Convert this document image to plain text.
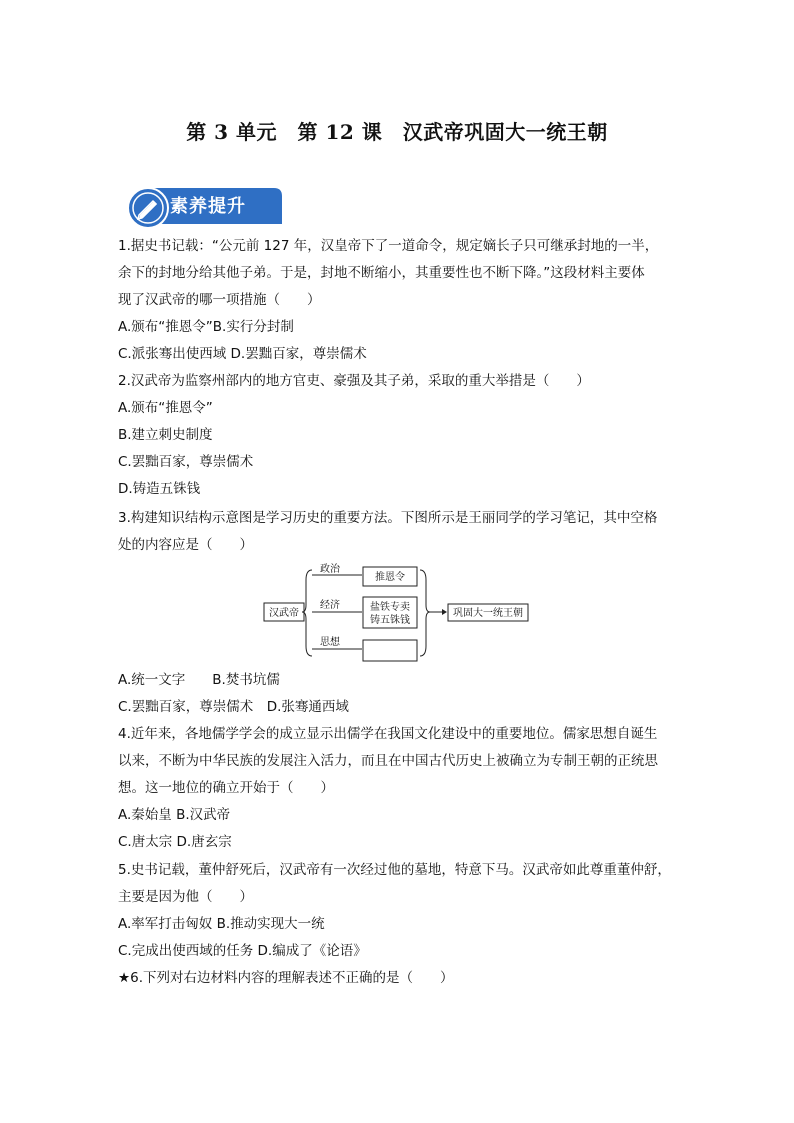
第 3 单元　第 12 课　汉武帝巩固大一统王朝
素养提升
1.据史书记载：“公元前 127 年，汉皇帝下了一道命令，规定嫡长子只可继承封地的一半，
余下的封地分给其他子弟。于是，封地不断缩小，其重要性也不断下降。”这段材料主要体
现了汉武帝的哪一项措施（　　）
A.颁布“推恩令”B.实行分封制
C.派张骞出使西域 D.罢黜百家，尊崇儒术
2.汉武帝为监察州部内的地方官吏、豪强及其子弟，采取的重大举措是（　　）
A.颁布“推恩令”
B.建立刺史制度
C.罢黜百家，尊崇儒术
D.铸造五铢钱
3.构建知识结构示意图是学习历史的重要方法。下图所示是王丽同学的学习笔记，其中空格
处的内容应是（　　）
汉武帝
政治
经济
思想
推恩令
盐铁专卖
铸五铢钱
巩固大一统王朝
A.统一文字　　B.焚书坑儒
C.罢黜百家，尊崇儒术　D.张骞通西域
4.近年来，各地儒学学会的成立显示出儒学在我国文化建设中的重要地位。儒家思想自诞生
以来，不断为中华民族的发展注入活力，而且在中国古代历史上被确立为专制王朝的正统思
想。这一地位的确立开始于（　　）
A.秦始皇 B.汉武帝
C.唐太宗 D.唐玄宗
5.史书记载，董仲舒死后，汉武帝有一次经过他的墓地，特意下马。汉武帝如此尊重董仲舒，
主要是因为他（　　）
A.率军打击匈奴 B.推动实现大一统
C.完成出使西域的任务 D.编成了《论语》
★6.下列对右边材料内容的理解表述不正确的是（　　）
